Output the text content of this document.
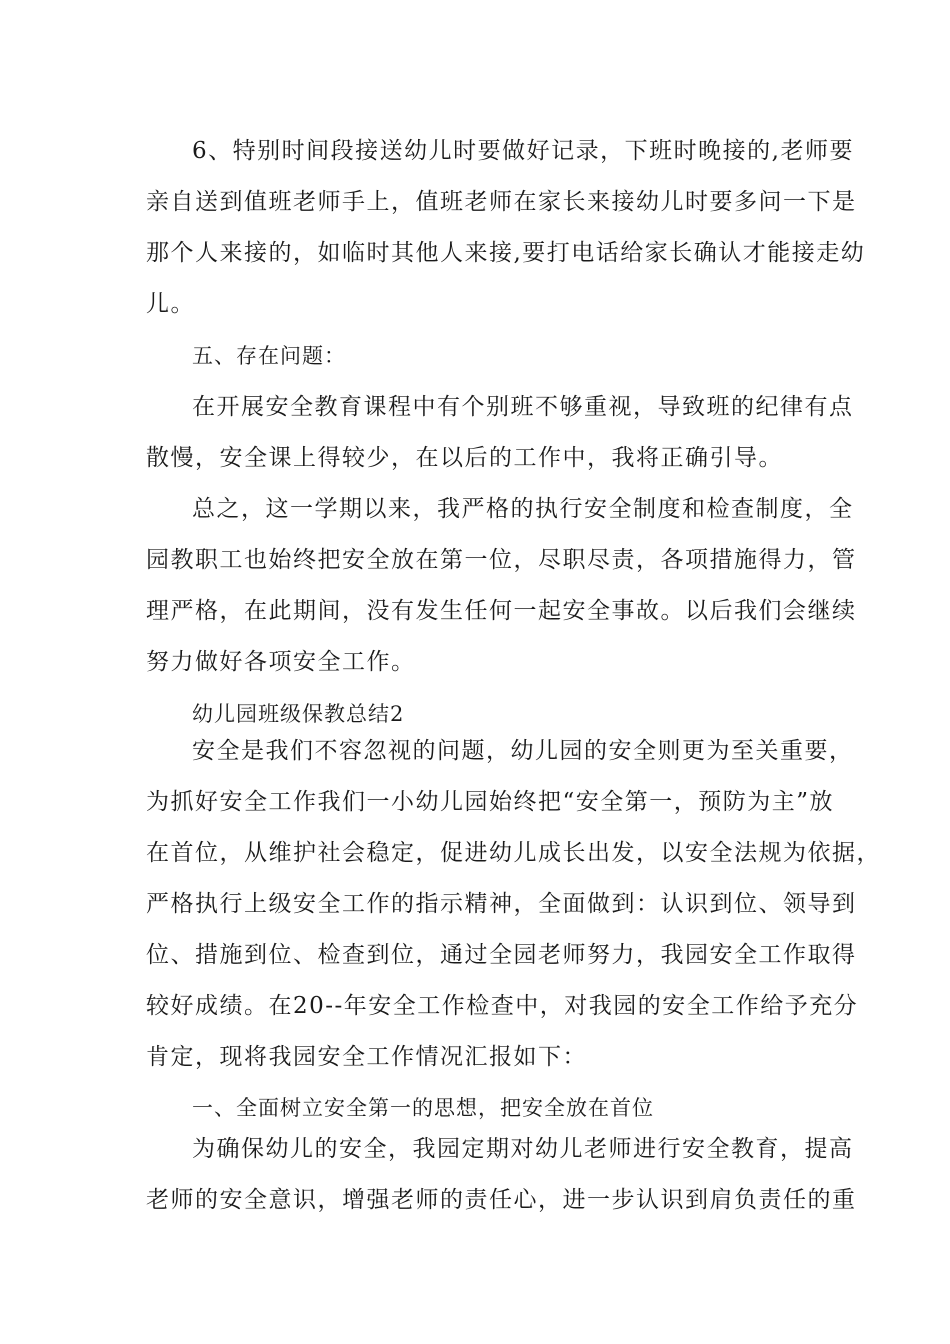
6、特别时间段接送幼儿时要做好记录，下班时晚接的,老师要
亲自送到值班老师手上，值班老师在家长来接幼儿时要多问一下是
那个人来接的，如临时其他人来接,要打电话给家长确认才能接走幼
儿。
五、存在问题：
在开展安全教育课程中有个别班不够重视，导致班的纪律有点
散慢，安全课上得较少，在以后的工作中，我将正确引导。
总之，这一学期以来，我严格的执行安全制度和检查制度，全
园教职工也始终把安全放在第一位，尽职尽责，各项措施得力，管
理严格，在此期间，没有发生任何一起安全事故。以后我们会继续
努力做好各项安全工作。
幼儿园班级保教总结2
安全是我们不容忽视的问题，幼儿园的安全则更为至关重要，
为抓好安全工作我们一小幼儿园始终把“安全第一，预防为主”放
在首位，从维护社会稳定，促进幼儿成长出发，以安全法规为依据，
严格执行上级安全工作的指示精神，全面做到：认识到位、领导到
位、措施到位、检查到位，通过全园老师努力，我园安全工作取得
较好成绩。在20--年安全工作检查中，对我园的安全工作给予充分
肯定，现将我园安全工作情况汇报如下：
一、全面树立安全第一的思想，把安全放在首位
为确保幼儿的安全，我园定期对幼儿老师进行安全教育，提高
老师的安全意识，增强老师的责任心，进一步认识到肩负责任的重
